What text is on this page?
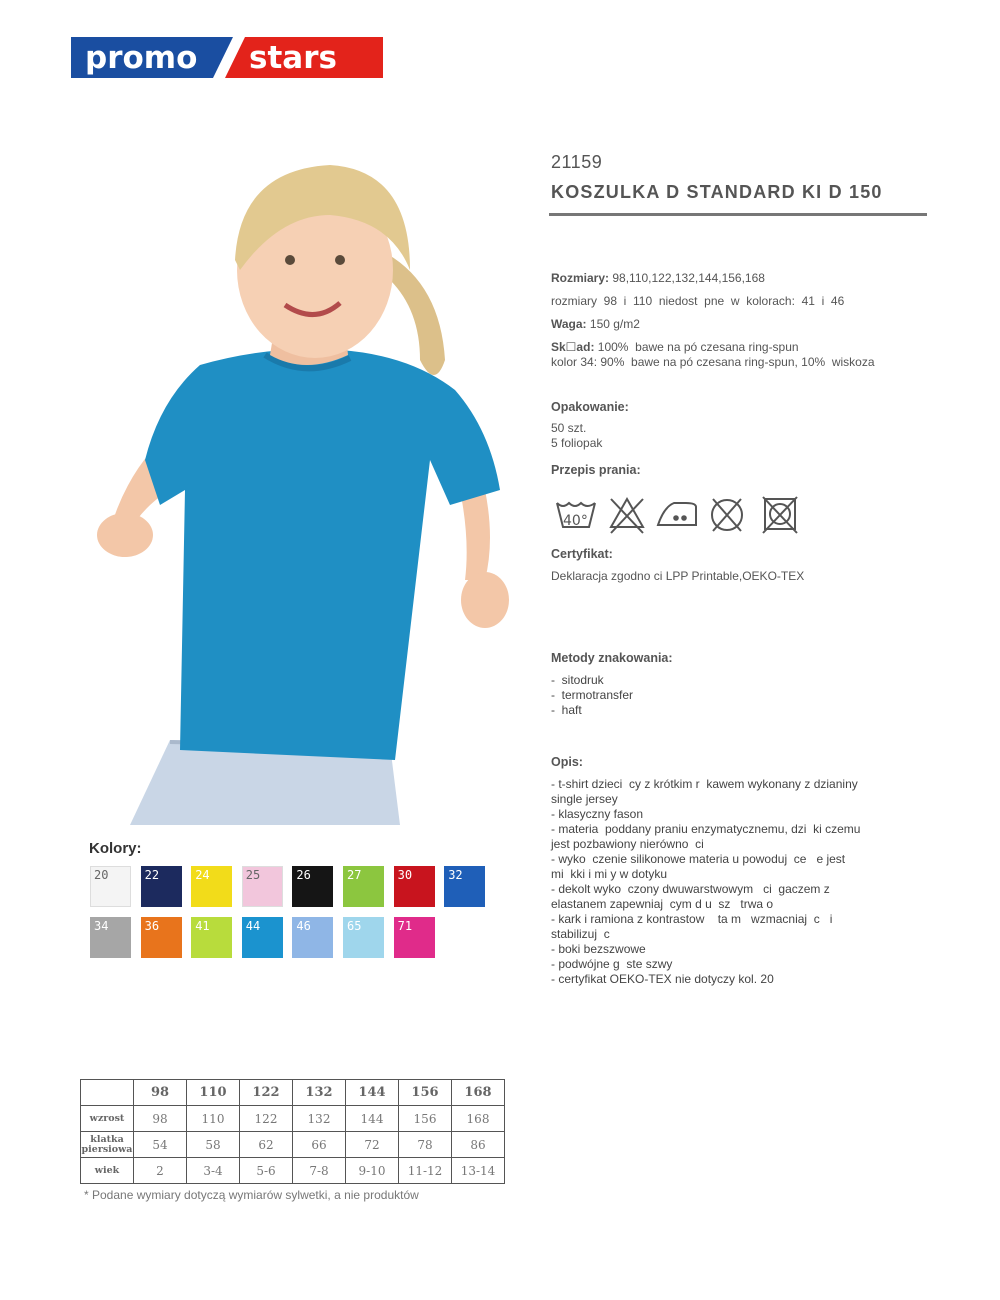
promo stars
21159
KOSZULKA D STANDARD KI D 150
Rozmiary: 98,110,122,132,144,156,168
rozmiary  98  i  110  niedost  pne  w  kolorach:  41  i  46
Waga: 150 g/m2
Sk☐ad: 100%  bawe na pó czesana ring-spun
kolor 34: 90%  bawe na pó czesana ring-spun, 10%  wiskoza
Opakowanie:
50 szt.
5 foliopak
Przepis prania:
40°
Certyfikat:
Deklaracja zgodno ci LPP Printable,OEKO-TEX
Metody znakowania:
-  sitodruk
-  termotransfer
-  haft
Opis:
- t-shirt dzieci  cy z krótkim r  kawem wykonany z dzianiny
single jersey
- klasyczny fason
- materia  poddany praniu enzymatycznemu, dzi  ki czemu
jest pozbawiony nierówno  ci
- wyko  czenie silikonowe materia u powoduj  ce   e jest
mi  kki i mi y w dotyku
- dekolt wyko  czony dwuwarstwowym   ci  gaczem z
elastanem zapewniaj  cym d u  sz   trwa o
- kark i ramiona z kontrastow    ta m   wzmacniaj  c   i
stabilizuj  c
- boki bezszwowe
- podwójne g  ste szwy
- certyfikat OEKO-TEX nie dotyczy kol. 20
Kolory:
20	22	24	25	26	27	30	32
34	36	41	44	46	65	71
	98	110	122	132	144	156	168
wzrost	98	110	122	132	144	156	168
klatka
piersiowa	54	58	62	66	72	78	86
wiek	2	3-4	5-6	7-8	9-10	11-12	13-14
* Podane wymiary dotyczą wymiarów sylwetki, a nie produktów
